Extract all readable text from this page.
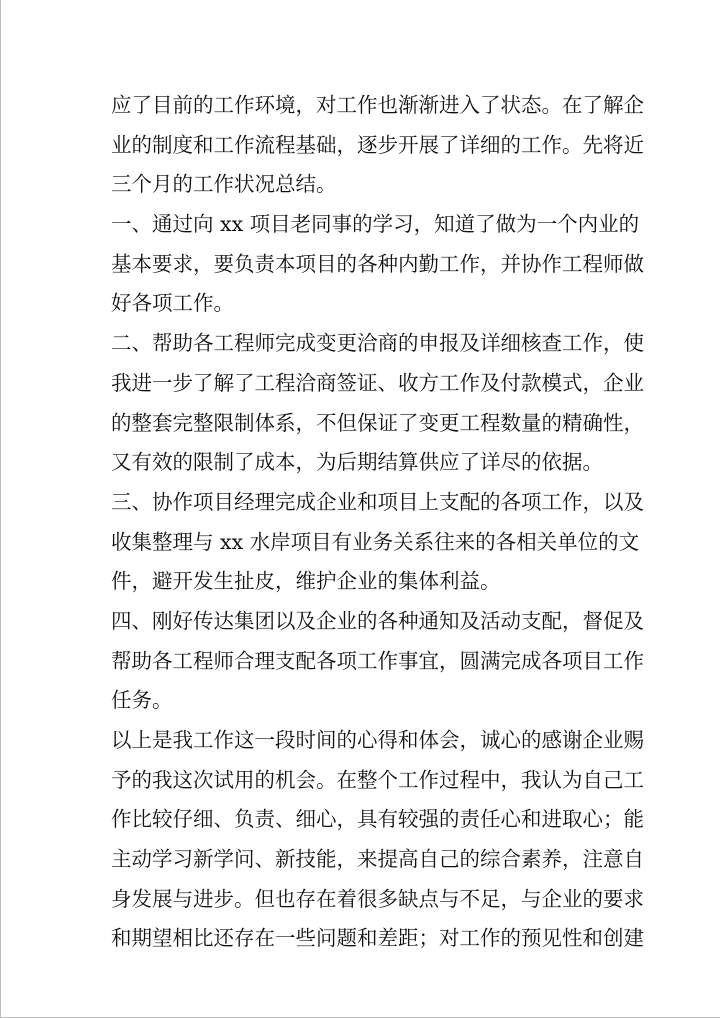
应了目前的工作环境，对工作也渐渐进入了状态。在了解企
业的制度和工作流程基础，逐步开展了详细的工作。先将近
三个月的工作状况总结。
一、通过向 xx 项目老同事的学习，知道了做为一个内业的
基本要求，要负责本项目的各种内勤工作，并协作工程师做
好各项工作。
二、帮助各工程师完成变更洽商的申报及详细核查工作，使
我进一步了解了工程洽商签证、收方工作及付款模式，企业
的整套完整限制体系，不但保证了变更工程数量的精确性，
又有效的限制了成本，为后期结算供应了详尽的依据。
三、协作项目经理完成企业和项目上支配的各项工作，以及
收集整理与 xx 水岸项目有业务关系往来的各相关单位的文
件，避开发生扯皮，维护企业的集体利益。
四、刚好传达集团以及企业的各种通知及活动支配，督促及
帮助各工程师合理支配各项工作事宜，圆满完成各项目工作
任务。
以上是我工作这一段时间的心得和体会，诚心的感谢企业赐
予的我这次试用的机会。在整个工作过程中，我认为自己工
作比较仔细、负责、细心，具有较强的责任心和进取心；能
主动学习新学问、新技能，来提高自己的综合素养，注意自
身发展与进步。但也存在着很多缺点与不足，与企业的要求
和期望相比还存在一些问题和差距；对工作的预见性和创建
